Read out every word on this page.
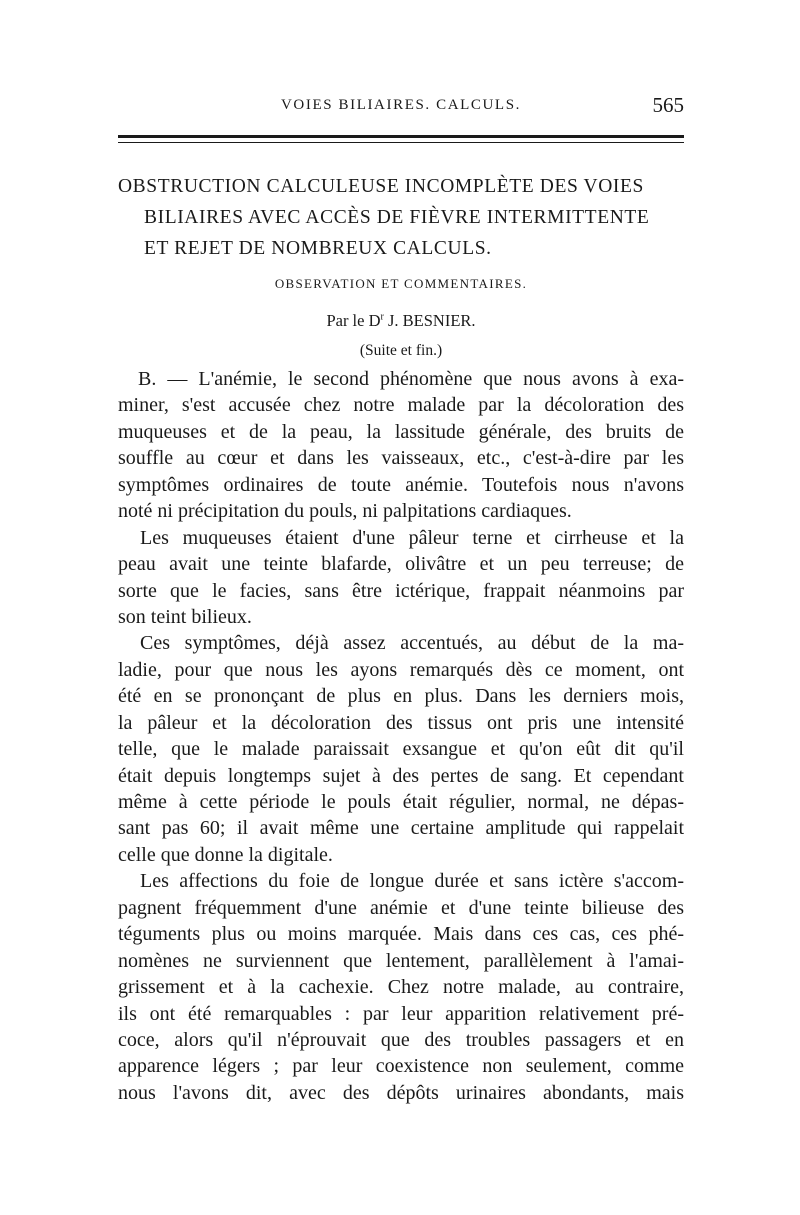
VOIES BILIAIRES. CALCULS.	565
OBSTRUCTION CALCULEUSE INCOMPLÈTE DES VOIES
BILIAIRES AVEC ACCÈS DE FIÈVRE INTERMITTENTE
ET REJET DE NOMBREUX CALCULS.
OBSERVATION ET COMMENTAIRES.
Par le $D^r$ J. BESNIER.
(Suite et fin.)
B. — L'anémie, le second phénomène que nous avons à exa-
miner, s'est accusée chez notre malade par la décoloration des
muqueuses et de la peau, la lassitude générale, des bruits de
souffle au cœur et dans les vaisseaux, etc., c'est-à-dire par les
symptômes ordinaires de toute anémie. Toutefois nous n'avons
noté ni précipitation du pouls, ni palpitations cardiaques.
Les muqueuses étaient d'une pâleur terne et cirrheuse et la
peau avait une teinte blafarde, olivâtre et un peu terreuse; de
sorte que le facies, sans être ictérique, frappait néanmoins par
son teint bilieux.
Ces symptômes, déjà assez accentués, au début de la ma-
ladie, pour que nous les ayons remarqués dès ce moment, ont
été en se prononçant de plus en plus. Dans les derniers mois,
la pâleur et la décoloration des tissus ont pris une intensité
telle, que le malade paraissait exsangue et qu'on eût dit qu'il
était depuis longtemps sujet à des pertes de sang. Et cependant
même à cette période le pouls était régulier, normal, ne dépas-
sant pas 60; il avait même une certaine amplitude qui rappelait
celle que donne la digitale.
Les affections du foie de longue durée et sans ictère s'accom-
pagnent fréquemment d'une anémie et d'une teinte bilieuse des
téguments plus ou moins marquée. Mais dans ces cas, ces phé-
nomènes ne surviennent que lentement, parallèlement à l'amai-
grissement et à la cachexie. Chez notre malade, au contraire,
ils ont été remarquables : par leur apparition relativement pré-
coce, alors qu'il n'éprouvait que des troubles passagers et en
apparence légers ; par leur coexistence non seulement, comme
nous l'avons dit, avec des dépôts urinaires abondants, mais
